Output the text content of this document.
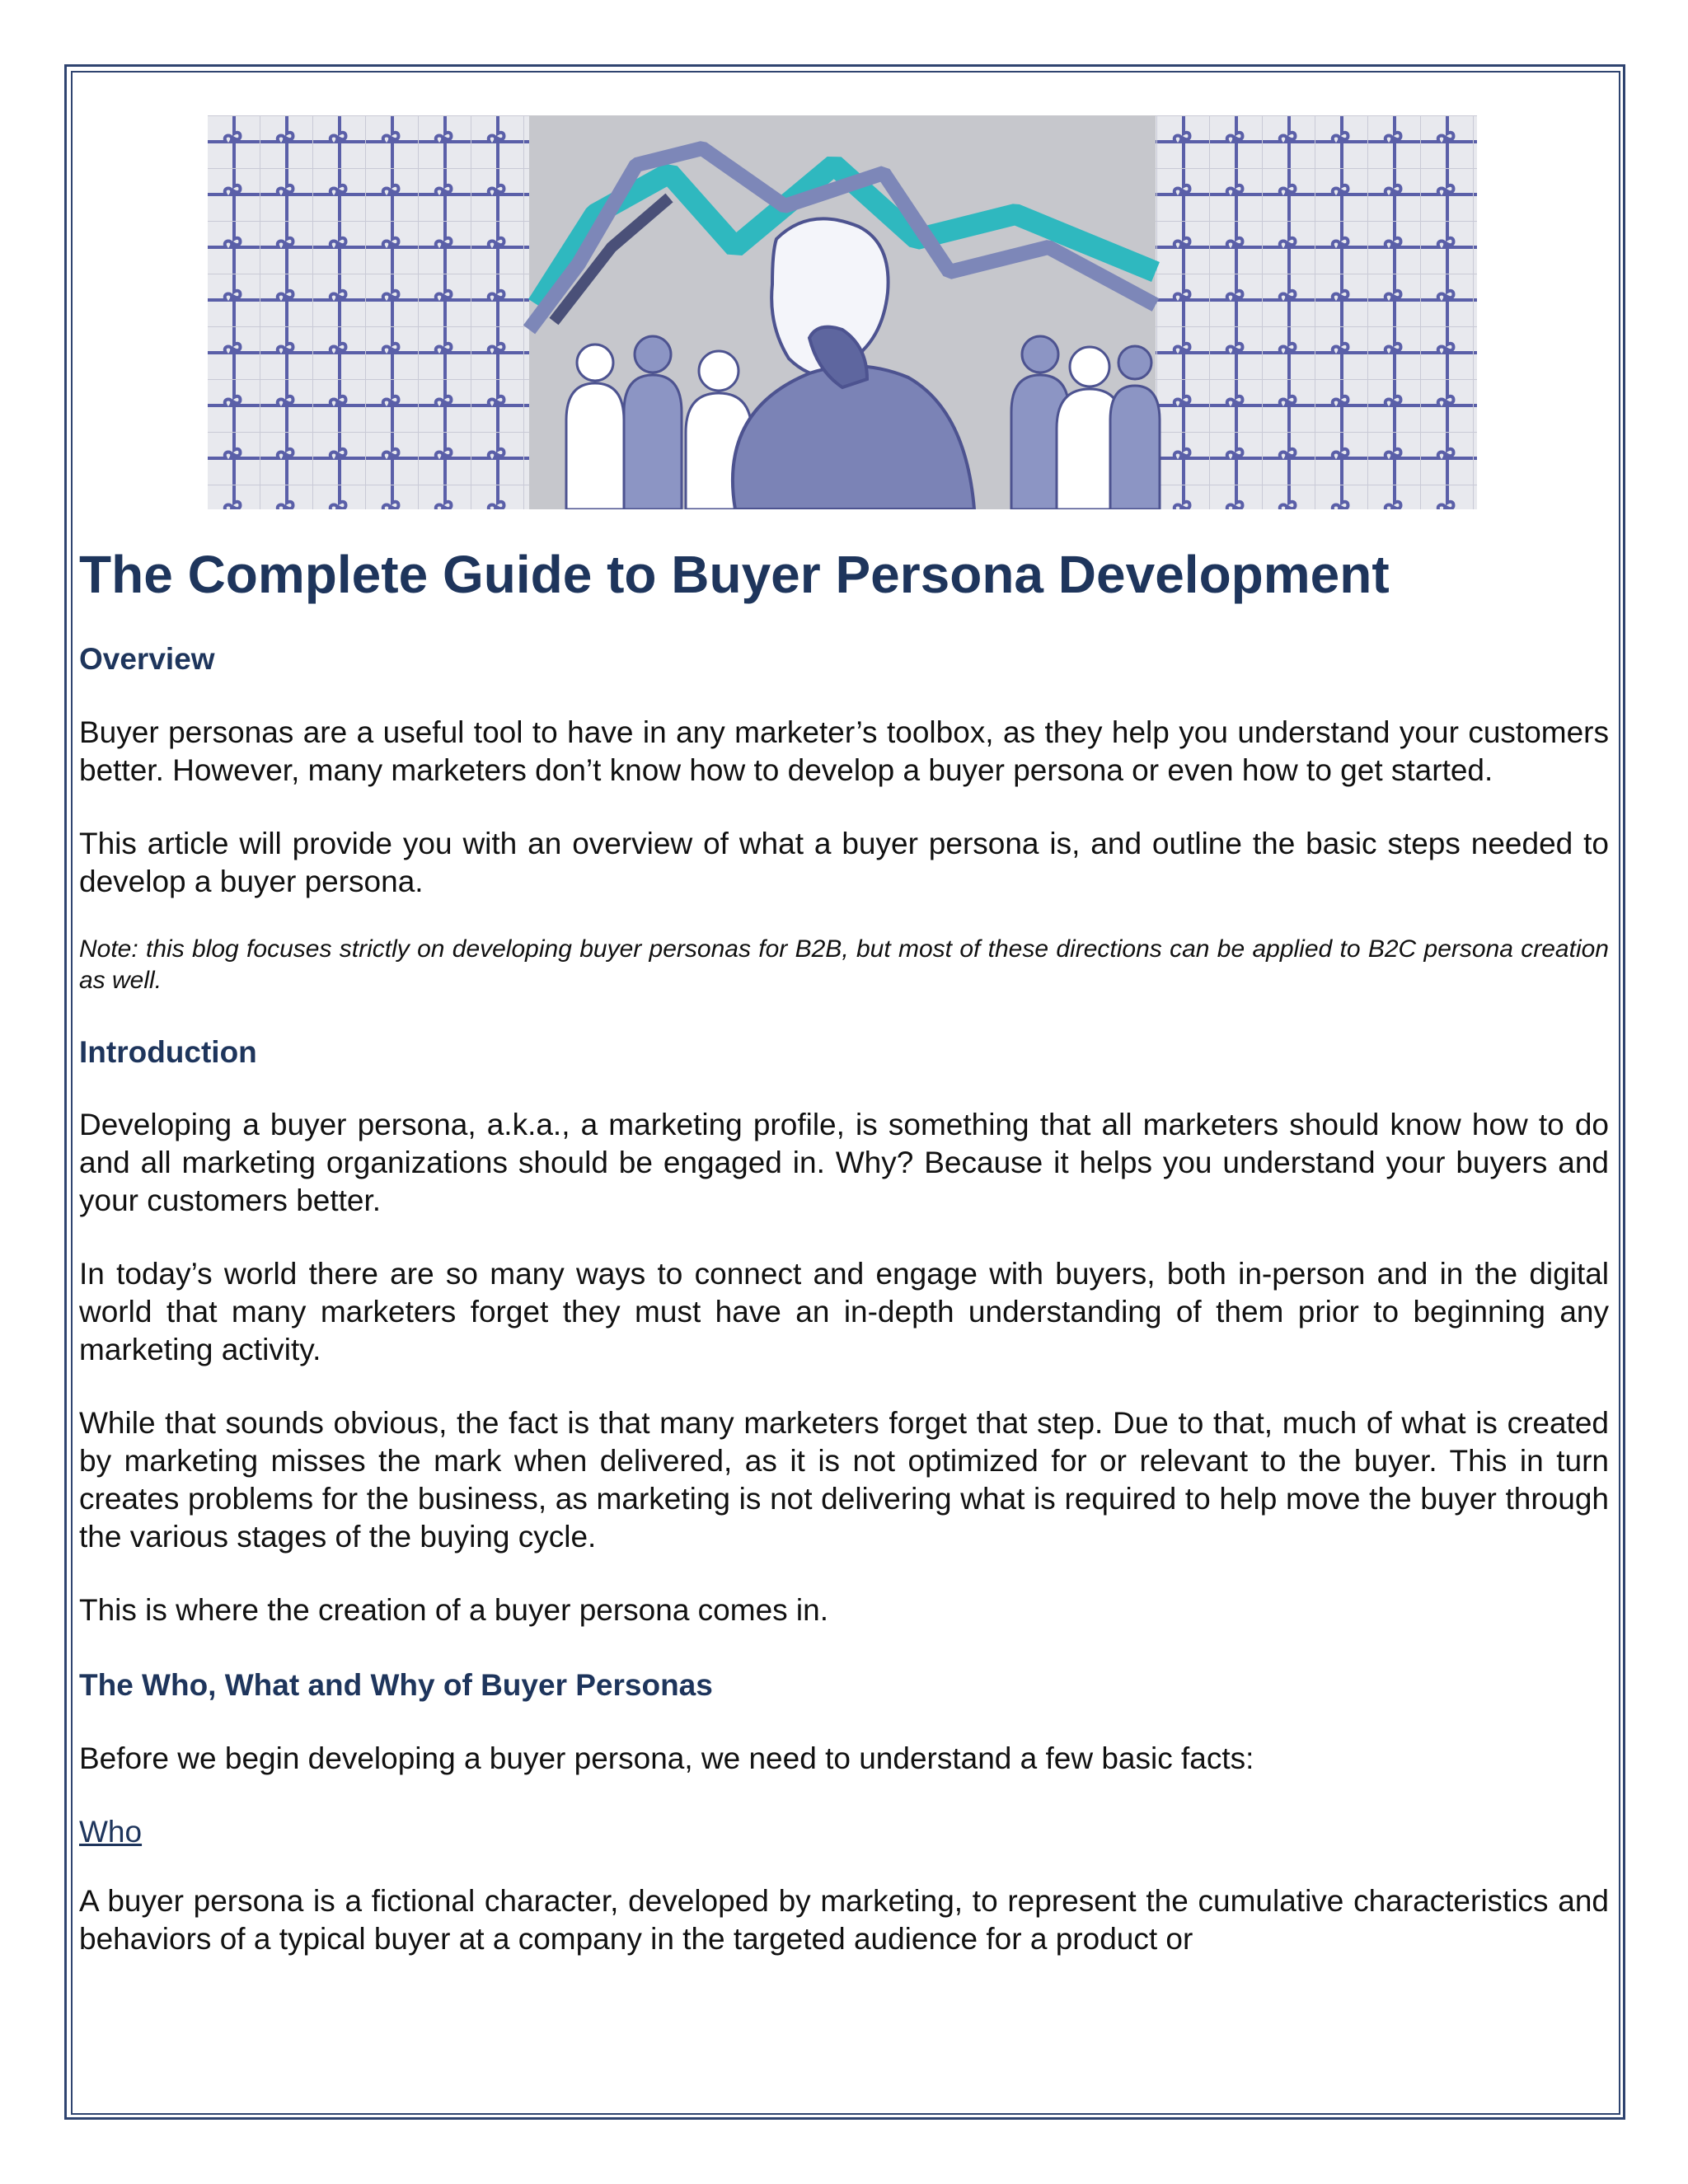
The Complete Guide to Buyer Persona Development
Overview

Buyer personas are a useful tool to have in any marketer’s toolbox, as they help you understand your customers better. However, many marketers don’t know how to develop a buyer persona or even how to get started.

This article will provide you with an overview of what a buyer persona is, and outline the basic steps needed to develop a buyer persona.

Note: this blog focuses strictly on developing buyer personas for B2B, but most of these directions can be applied to B2C persona creation as well.

Introduction

Developing a buyer persona, a.k.a., a marketing profile, is something that all marketers should know how to do and all marketing organizations should be engaged in. Why? Because it helps you understand your buyers and your customers better.

In today’s world there are so many ways to connect and engage with buyers, both in-person and in the digital world that many marketers forget they must have an in-depth understanding of them prior to beginning any marketing activity.

While that sounds obvious, the fact is that many marketers forget that step. Due to that, much of what is created by marketing misses the mark when delivered, as it is not optimized for or relevant to the buyer. This in turn creates problems for the business, as marketing is not delivering what is required to help move the buyer through the various stages of the buying cycle.

This is where the creation of a buyer persona comes in.

The Who, What and Why of Buyer Personas

Before we begin developing a buyer persona, we need to understand a few basic facts:

Who

A buyer persona is a fictional character, developed by marketing, to represent the cumulative characteristics and behaviors of a typical buyer at a company in the targeted audience for a product or
